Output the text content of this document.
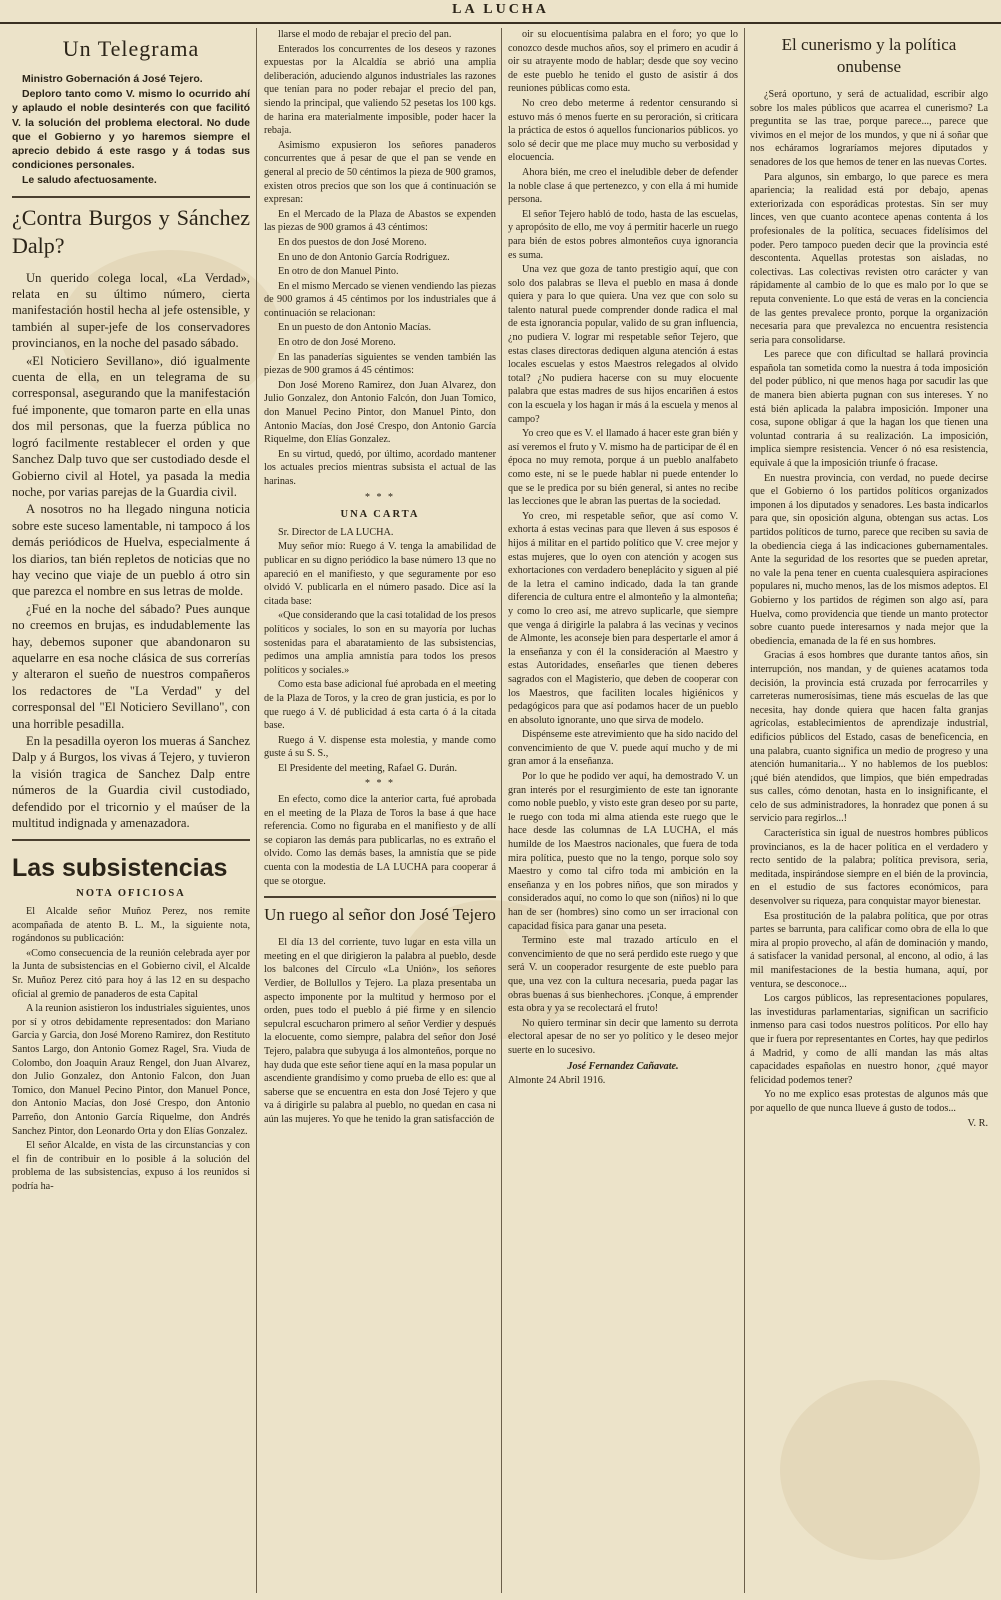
LA LUCHA
Un Telegrama

Ministro Gobernación á José Tejero.

Deploro tanto como V. mismo lo ocurrido ahí y aplaudo el noble desinterés con que facilitó V. la solución del problema electoral. No dude que el Gobierno y yo haremos siempre el aprecio debido á este rasgo y á todas sus condiciones personales.

Le saludo afectuosamente.

¿Contra Burgos y Sánchez Dalp?

Un querido colega local, «La Verdad», relata en su último número, cierta manifestación hostil hecha al jefe ostensible, y también al super-jefe de los conservadores provincianos, en la noche del pasado sábado.

«El Noticiero Sevillano», dió igualmente cuenta de ella, en un telegrama de su corresponsal, asegurando que la manifestación fué imponente, que tomaron parte en ella unas dos mil personas, que la fuerza pública no logró facilmente restablecer el orden y que Sanchez Dalp tuvo que ser custodiado desde el Gobierno civil al Hotel, ya pasada la media noche, por varias parejas de la Guardia civil.

A nosotros no ha llegado ninguna noticia sobre este suceso lamentable, ni tampoco á los demás periódicos de Huelva, especialmente á los diarios, tan bién repletos de noticias que no hay vecino que viaje de un pueblo á otro sin que parezca el nombre en sus letras de molde.

¿Fué en la noche del sábado? Pues aunque no creemos en brujas, es indudablemente las hay, debemos suponer que abandonaron su aquelarre en esa noche clásica de sus correrías y alteraron el sueño de nuestros compañeros los redactores de "La Verdad" y del corresponsal del "El Noticiero Sevillano", con una horrible pesadilla.

En la pesadilla oyeron los mueras á Sanchez Dalp y á Burgos, los vivas á Tejero, y tuvieron la visión tragica de Sanchez Dalp entre números de la Guardia civil custodiado, defendido por el tricornio y el maúser de la multitud indignada y amenazadora.

Las subsistencias

NOTA OFICIOSA

El Alcalde señor Muñoz Perez, nos remite acompañada de atento B. L. M., la siguiente nota, rogándonos su publicación:

«Como consecuencia de la reunión celebrada ayer por la Junta de subsistencias en el Gobierno civil, el Alcalde Sr. Muñoz Perez citó para hoy á las 12 en su despacho oficial al gremio de panaderos de esta Capital

A la reunion asistieron los industriales siguientes, unos por sí y otros debidamente representados: don Mariano Garcia y Garcia, don José Moreno Ramirez, don Restituto Santos Largo, don Antonio Gomez Ragel, Sra. Viuda de Colombo, don Joaquin Arauz Rengel, don Juan Alvarez, don Julio Gonzalez, don Antonio Falcon, don Juan Tomico, don Manuel Pecino Pintor, don Manuel Ponce, don Antonio Macías, don José Crespo, don Antonio Parreño, don Antonio García Riquelme, don Andrés Sanchez Pintor, don Leonardo Orta y don Elías Gonzalez.

El señor Alcalde, en vista de las circunstancias y con el fin de contribuir en lo posible á la solución del problema de las subsistencias, expuso á los reunidos si podría ha-

llarse el modo de rebajar el precio del pan.

Enterados los concurrentes de los deseos y razones expuestas por la Alcaldía se abrió una amplia deliberación, aduciendo algunos industriales las razones que tenían para no poder rebajar el precio del pan, siendo la principal, que valiendo 52 pesetas los 100 kgs. de harina era materialmente imposible, poder hacer la rebaja.

Asimismo expusieron los señores panaderos concurrentes que á pesar de que el pan se vende en general al precio de 50 céntimos la pieza de 900 gramos, existen otros precios que son los que á continuación se expresan:

En el Mercado de la Plaza de Abastos se expenden las piezas de 900 gramos á 43 céntimos:

En dos puestos de don José Moreno.

En uno de don Antonio García Rodriguez.

En otro de don Manuel Pinto.

En el mismo Mercado se vienen vendiendo las piezas de 900 gramos á 45 céntimos por los industriales que á continuación se relacionan:

En un puesto de don Antonio Macías.

En otro de don José Moreno.

En las panaderías siguientes se venden también las piezas de 900 gramos á 45 céntimos:

Don José Moreno Ramirez, don Juan Alvarez, don Julio Gonzalez, don Antonio Falcón, don Juan Tomico, don Manuel Pecino Pintor, don Manuel Pinto, don Antonio Macías, don José Crespo, don Antonio García Riquelme, don Elías Gonzalez.

En su virtud, quedó, por último, acordado mantener los actuales precios mientras subsista el actual de las harinas.

* * *

UNA CARTA

Sr. Director de LA LUCHA.

Muy señor mío: Ruego á V. tenga la amabilidad de publicar en su digno periódico la base número 13 que no apareció en el manifiesto, y que seguramente por eso olvidó V. publicarla en el número pasado. Dice así la citada base:

«Que considerando que la casi totalidad de los presos políticos y sociales, lo son en su mayoría por luchas sostenidas para el abaratamiento de las subsistencias, pedimos una amplia amnistía para todos los presos políticos y sociales.»

Como esta base adicional fué aprobada en el meeting de la Plaza de Toros, y la creo de gran justicia, es por lo que ruego á V. dé publicidad á esta carta ó á la citada base.

Ruego á V. dispense esta molestia, y mande como guste á su S. S.,

El Presidente del meeting, Rafael G. Durán.

* * *

En efecto, como dice la anterior carta, fué aprobada en el meeting de la Plaza de Toros la base á que hace referencia. Como no figuraba en el manifiesto y de allí se copiaron las demás para publicarlas, no es extraño el olvido. Como las demás bases, la amnistía que se pide cuenta con la modestia de LA LUCHA para cooperar á que se otorgue.

Un ruego al señor don José Tejero

El día 13 del corriente, tuvo lugar en esta villa un meeting en el que dirigieron la palabra al pueblo, desde los balcones del Círculo «La Unión», los señores Verdier, de Bollullos y Tejero. La plaza presentaba un aspecto imponente por la multitud y hermoso por el orden, pues todo el pueblo á pié firme y en silencio sepulcral escucharon primero al señor Verdier y después la elocuente, como siempre, palabra del señor don José Tejero, palabra que subyuga á los almonteños, porque no hay duda que este señor tiene aquí en la masa popular un ascendiente grandísimo y como prueba de ello es: que al saberse que se encuentra en esta don José Tejero y que va á dirigirle su palabra al pueblo, no quedan en casa ni aún las mujeres. Yo que he tenido la gran satisfacción de

oir su elocuentísima palabra en el foro; yo que lo conozco desde muchos años, soy el primero en acudir á oir su atrayente modo de hablar; desde que soy vecino de este pueblo he tenido el gusto de asistir á dos reuniones públicas como esta.

No creo debo meterme á redentor censurando si estuvo más ó menos fuerte en su peroración, si criticara la práctica de estos ó aquellos funcionarios públicos. yo solo sé decir que me place muy mucho su verbosidad y elocuencia.

Ahora bién, me creo el ineludible deber de defender la noble clase á que pertenezco, y con ella á mi humide persona.

El señor Tejero habló de todo, hasta de las escuelas, y apropósito de ello, me voy á permitir hacerle un ruego para bién de estos pobres almonteños cuya ignorancia es suma.

Una vez que goza de tanto prestigio aquí, que con solo dos palabras se lleva el pueblo en masa á donde quiera y para lo que quiera. Una vez que con solo su talento natural puede comprender donde radica el mal de esta ignorancia popular, valido de su gran influencia, ¿no pudiera V. lograr mi respetable señor Tejero, que estas clases directoras dediquen alguna atención á estas locales escuelas y estos Maestros relegados al olvido total? ¿No pudiera hacerse con su muy elocuente palabra que estas madres de sus hijos encariñen á estos con la escuela y los hagan ir más á la escuela y menos al campo?

Yo creo que es V. el llamado á hacer este gran bién y así veremos el fruto y V. mismo ha de participar de él en época no muy remota, porque á un pueblo analfabeto como este, ni se le puede hablar ni puede entender lo que se le predica por su bién general, si antes no recibe las lecciones que le abran las puertas de la sociedad.

Yo creo, mi respetable señor, que así como V. exhorta á estas vecinas para que lleven á sus esposos é hijos á militar en el partido político que V. cree mejor y estas mujeres, que lo oyen con atención y acogen sus exhortaciones con verdadero beneplácito y siguen al pié de la letra el camino indicado, dada la tan grande diferencia de cultura entre el almonteño y la almonteña; y como lo creo así, me atrevo suplicarle, que siempre que venga á dirigirle la palabra á las vecinas y vecinos de Almonte, les aconseje bien para despertarle el amor á la enseñanza y con él la consideración al Maestro y estas Autoridades, enseñarles que tienen deberes sagrados con el Magisterio, que deben de cooperar con los Maestros, que faciliten locales higiénicos y pedagógicos para que así podamos hacer de un pueblo en absoluto ignorante, uno que sirva de modelo.

Dispénseme este atrevimiento que ha sido nacido del convencimiento de que V. puede aquí mucho y de mi gran amor á la enseñanza.

Por lo que he podido ver aquí, ha demostrado V. un gran interés por el resurgimiento de este tan ignorante como noble pueblo, y visto este gran deseo por su parte, le ruego con toda mi alma atienda este ruego que le hace desde las columnas de LA LUCHA, el más humilde de los Maestros nacionales, que fuera de toda mira política, puesto que no la tengo, porque solo soy Maestro y como tal cifro toda mi ambición en la enseñanza y en los pobres niños, que son mirados y considerados aquí, no como lo que son (niños) ni lo que han de ser (hombres) sino como un ser irracional con capacidad física para ganar una peseta.

Termino este mal trazado artículo en el convencimiento de que no será perdido este ruego y que será V. un cooperador resurgente de este pueblo para que, una vez con la cultura necesaria, pueda pagar las obras buenas á sus bienhechores. ¡Conque, á emprender esta obra y ya se recolectará el fruto!

No quiero terminar sin decir que lamento su derrota electoral apesar de no ser yo político y le deseo mejor suerte en lo sucesivo.

José Fernandez Cañavate.

Almonte 24 Abril 1916.

El cunerismo y la política onubense

¿Será oportuno, y será de actualidad, escribir algo sobre los males públicos que acarrea el cunerismo? La preguntita se las trae, porque parece..., parece que vivimos en el mejor de los mundos, y que ni á soñar que nos echáramos lograríamos mejores diputados y senadores de los que hemos de tener en las nuevas Cortes.

Para algunos, sin embargo, lo que parece es mera apariencia; la realidad está por debajo, apenas exteriorizada con esporádicas protestas. Sin ser muy linces, ven que cuanto acontece apenas contenta á los profesionales de la política, secuaces fidelísimos del poder. Pero tampoco pueden decir que la provincia esté descontenta. Aquellas protestas son aisladas, no colectivas. Las colectivas revisten otro carácter y van rápidamente al cambio de lo que es malo por lo que se reputa conveniente. Lo que está de veras en la conciencia de las gentes prevalece pronto, porque la organización necesaria para que prevalezca no encuentra resistencia seria para consolidarse.

Les parece que con dificultad se hallará provincia española tan sometida como la nuestra á toda imposición del poder público, ni que menos haga por sacudir las que de manera bien abierta pugnan con sus intereses. Y no está bién aplicada la palabra imposición. Imponer una cosa, supone obligar á que la hagan los que tienen una voluntad contraria á su realización. La imposición, implica siempre resistencia. Vencer ó nó esa resistencia, equivale á que la imposición triunfe ó fracase.

En nuestra provincia, con verdad, no puede decirse que el Gobierno ó los partidos políticos organizados imponen á los diputados y senadores. Les basta indicarlos para que, sin oposición alguna, obtengan sus actas. Los partidos políticos de turno, parece que reciben su savia de la obediencia ciega á las indicaciones gubernamentales. Ante la seguridad de los resortes que se pueden apretar, no vale la pena tener en cuenta cualesquiera aspiraciones populares ni, mucho menos, las de los mismos adeptos. El Gobierno y los partidos de régimen son algo así, para Huelva, como providencia que tiende un manto protector sobre cuanto puede interesarnos y nada mejor que la obediencia, emanada de la fé en sus hombres.

Gracias á esos hombres que durante tantos años, sin interrupción, nos mandan, y de quienes acatamos toda decisión, la provincia está cruzada por ferrocarriles y carreteras numerosísimas, tiene más escuelas de las que necesita, hay donde quiera que hacen falta granjas agrícolas, establecimientos de aprendizaje industrial, edificios públicos del Estado, casas de beneficencia, en una palabra, cuanto significa un medio de progreso y una atención humanitaria... Y no hablemos de los pueblos: ¡qué bién atendidos, que limpios, que bién empedradas sus calles, cómo denotan, hasta en lo insignificante, el celo de sus administradores, la honradez que ponen á su servicio para regirlos...!

Característica sin igual de nuestros hombres públicos provincianos, es la de hacer política en el verdadero y recto sentido de la palabra; política previsora, seria, meditada, inspirándose siempre en el bién de la provincia, en el estudio de sus factores económicos, para desenvolver su riqueza, para conquistar mayor bienestar.

Esa prostitución de la palabra política, que por otras partes se barrunta, para calificar como obra de ella lo que mira al propio provecho, al afán de dominación y mando, á satisfacer la vanidad personal, al encono, al odio, á las mil manifestaciones de la bestia humana, aquí, por ventura, se desconoce...

Los cargos públicos, las representaciones populares, las investiduras parlamentarias, significan un sacrificio inmenso para casi todos nuestros políticos. Por ello hay que ir fuera por representantes en Cortes, hay que pedirlos á Madrid, y como de allí mandan las más altas capacidades españolas en nuestro honor, ¿qué mayor felicidad podemos tener?

Yo no me explico esas protestas de algunos más que por aquello de que nunca llueve á gusto de todos...

V. R.
